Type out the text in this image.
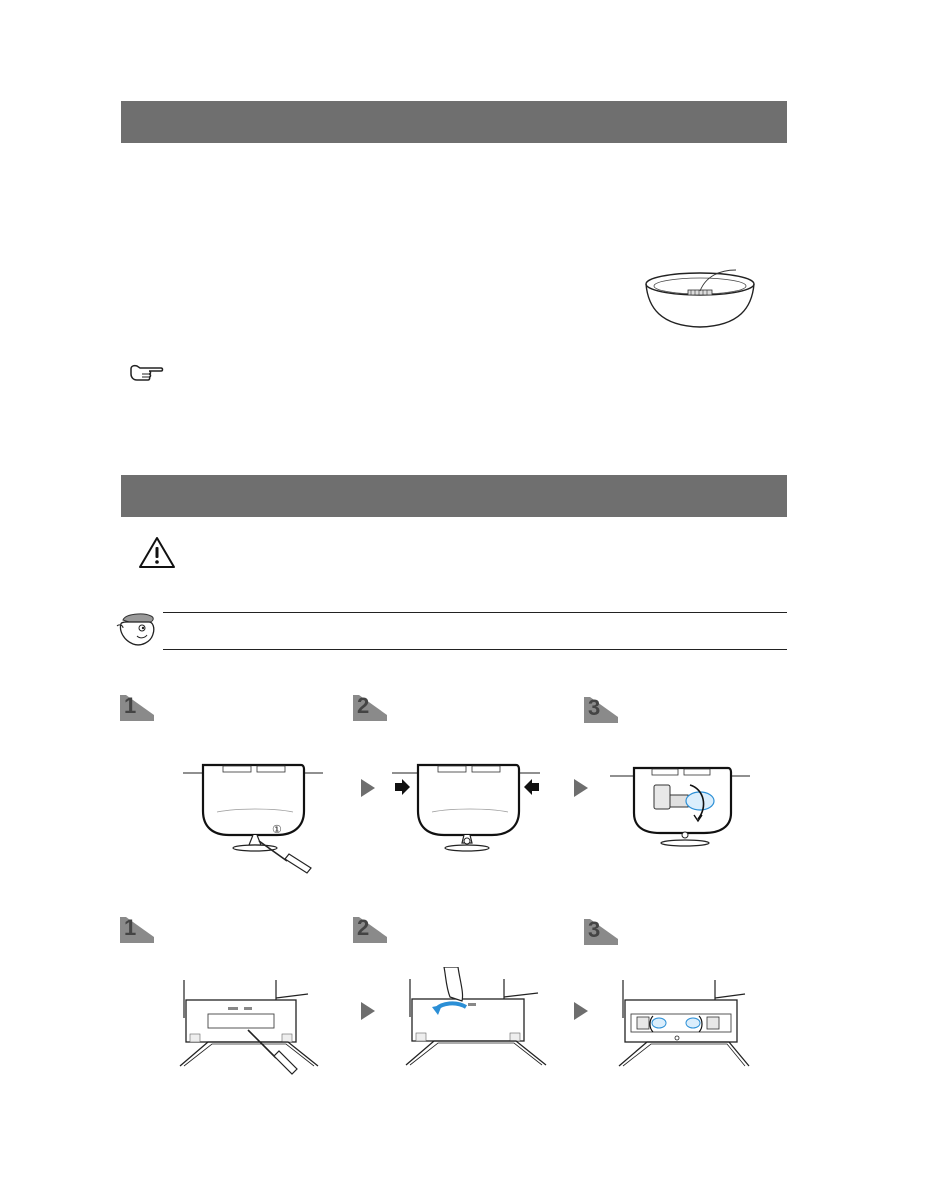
1	2	3
①
1	2	3
